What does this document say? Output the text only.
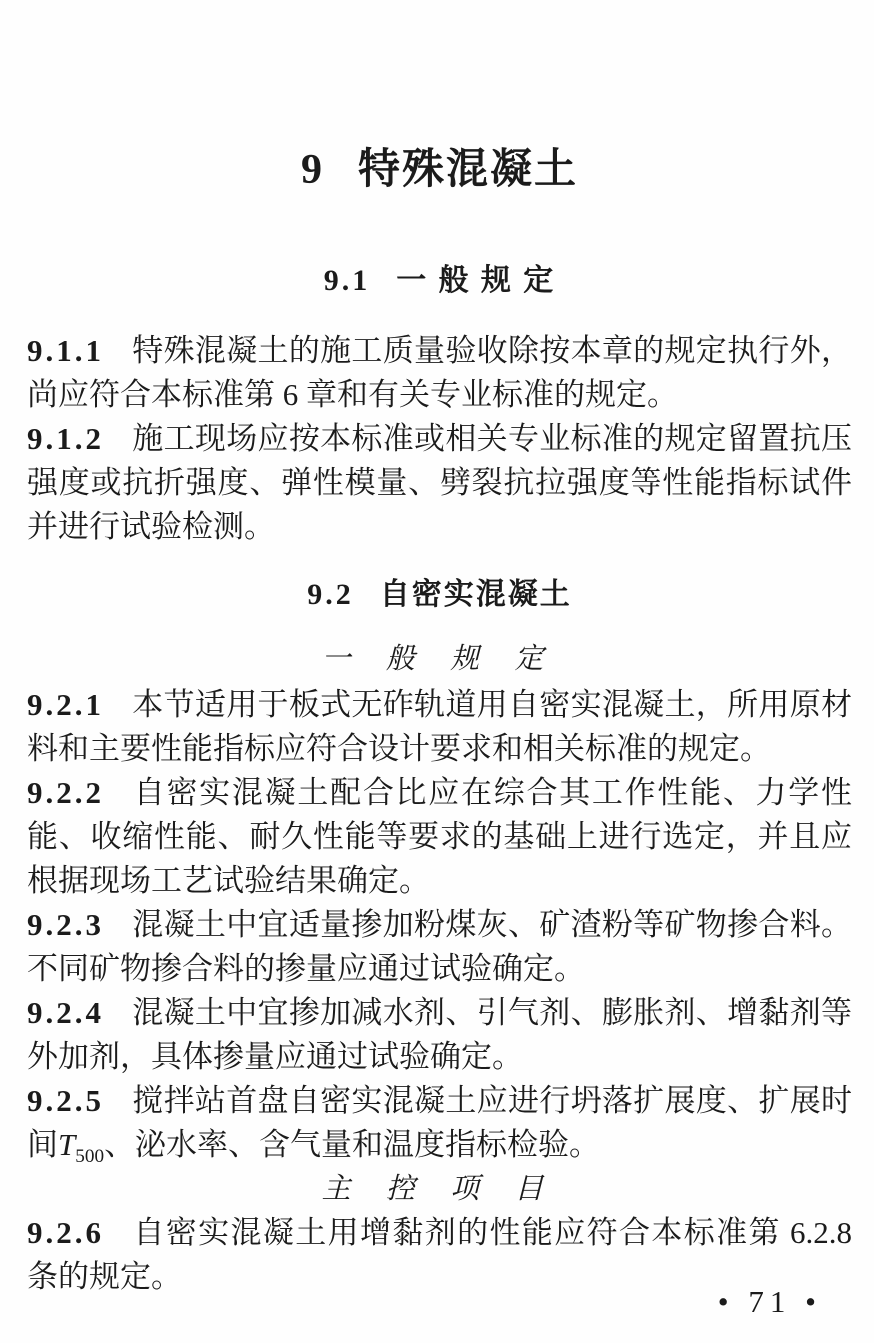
9 特殊混凝土
9.1 一 般 规 定

9.1.1 特殊混凝土的施工质量验收除按本章的规定执行外，尚应符合本标准第 6 章和有关专业标准的规定。

9.1.2 施工现场应按本标准或相关专业标准的规定留置抗压强度或抗折强度、弹性模量、劈裂抗拉强度等性能指标试件并进行试验检测。

9.2 自密实混凝土
一 般 规 定

9.2.1 本节适用于板式无砟轨道用自密实混凝土，所用原材料和主要性能指标应符合设计要求和相关标准的规定。

9.2.2 自密实混凝土配合比应在综合其工作性能、力学性能、收缩性能、耐久性能等要求的基础上进行选定，并且应根据现场工艺试验结果确定。

9.2.3 混凝土中宜适量掺加粉煤灰、矿渣粉等矿物掺合料。不同矿物掺合料的掺量应通过试验确定。

9.2.4 混凝土中宜掺加减水剂、引气剂、膨胀剂、增黏剂等外加剂，具体掺量应通过试验确定。

9.2.5 搅拌站首盘自密实混凝土应进行坍落扩展度、扩展时间$T_{500}$、泌水率、含气量和温度指标检验。

主 控 项 目

9.2.6 自密实混凝土用增黏剂的性能应符合本标准第 6.2.8 条的规定。

• 71 •
